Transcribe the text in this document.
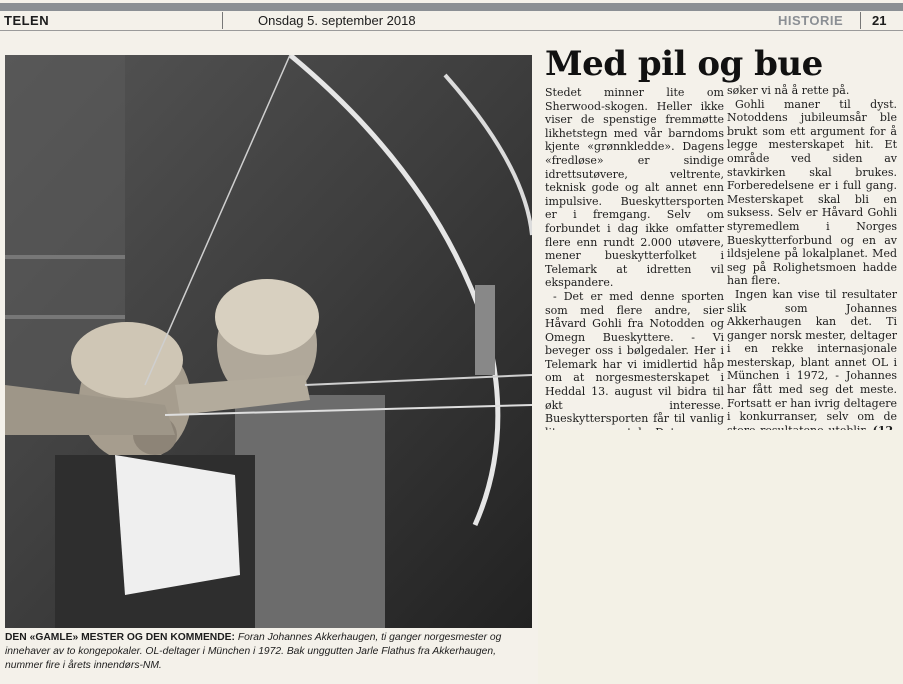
TELEN	Onsdag 5. september 2018	HISTORIE 21
DEN «GAMLE» MESTER OG DEN KOMMENDE: Foran Johannes Akkerhaugen, ti ganger norgesmester og innehaver av to kongepokaler. OL-deltager i München i 1972. Bak unggutten Jarle Flathus fra Akkerhaugen, nummer fire i årets innendørs-NM.
Med pil og bue

Stedet minner lite om Sherwood-skogen. Heller ikke viser de spenstige fremmøtte likhetstegn med vår barndoms kjente «grønnkledde». Dagens «fredløse» er sindige idrettsutøvere, veltrente, teknisk gode og alt annet enn impulsive. Bueskyttersporten er i fremgang. Selv om forbundet i dag ikke omfatter flere enn rundt 2.000 utøvere, mener bueskytterfolket i Telemark at idretten vil ekspandere.

- Det er med denne sporten som med flere andre, sier Håvard Gohli fra Notodden og Omegn Bueskyttere. - Vi beveger oss i bølgedaler. Her i Telemark har vi imidlertid håp om at norgesmesterskapet i Heddal 13. august vil bidra til økt interesse. Bueskyttersporten får til vanlig

søker vi nå å rette på.

Gohli maner til dyst. Notoddens jubileumsår ble brukt som ett argument for å legge mesterskapet hit. Et område ved siden av stavkirken skal brukes. Forberedelsene er i full gang. Mesterskapet skal bli en suksess. Selv er Håvard Gohli styremedlem i Norges Bueskytterforbund og en av ildsjelene på lokalplanet. Med seg på Rolighetsmoen hadde han flere.

Ingen kan vise til resultater slik som Johannes Akkerhaugen kan det. Ti ganger norsk mester, deltager i en rekke internasjonale mesterskap, blant annet OL i München i 1972, - Johannes har fått med seg det meste. Fortsatt er han ivrig deltagere i konkurranser, selv om de
